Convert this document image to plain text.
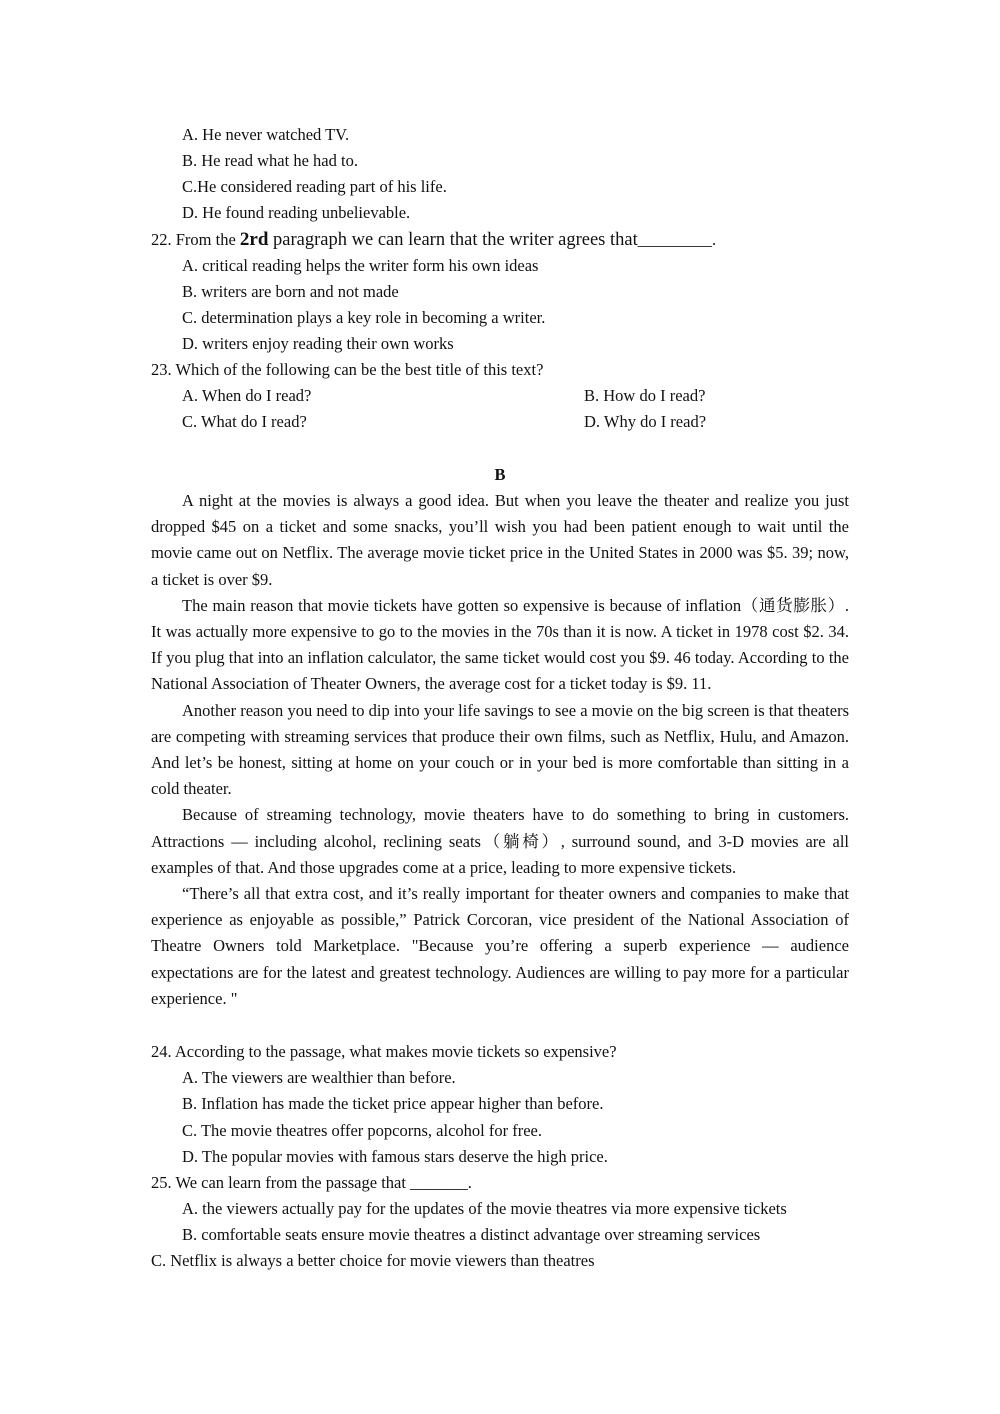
A. He never watched TV.
B. He read what he had to.
C.He considered reading part of his life.
D. He found reading unbelievable.
22. From the 2rd paragraph we can learn that the writer agrees that_________.
A. critical reading helps the writer form his own ideas
B. writers are born and not made
C. determination plays a key role in becoming a writer.
D. writers enjoy reading their own works
23. Which of the following can be the best title of this text?
A. When do I read?	B. How do I read?
C. What do I read?	D. Why do I read?
B

A night at the movies is always a good idea. But when you leave the theater and realize you just dropped $45 on a ticket and some snacks, you’ll wish you had been patient enough to wait until the movie came out on Netflix. The average movie ticket price in the United States in 2000 was $5. 39; now, a ticket is over $9.

The main reason that movie tickets have gotten so expensive is because of inflation（通货膨胀）. It was actually more expensive to go to the movies in the 70s than it is now. A ticket in 1978 cost $2. 34. If you plug that into an inflation calculator, the same ticket would cost you $9. 46 today. According to the National Association of Theater Owners, the average cost for a ticket today is $9. 11.

Another reason you need to dip into your life savings to see a movie on the big screen is that theaters are competing with streaming services that produce their own films, such as Netflix, Hulu, and Amazon. And let’s be honest, sitting at home on your couch or in your bed is more comfortable than sitting in a cold theater.

Because of streaming technology, movie theaters have to do something to bring in customers. Attractions — including alcohol, reclining seats（躺椅）, surround sound, and 3-D movies are all examples of that. And those upgrades come at a price, leading to more expensive tickets.

“There’s all that extra cost, and it’s really important for theater owners and companies to make that experience as enjoyable as possible,” Patrick Corcoran, vice president of the National Association of Theatre Owners told Marketplace. "Because you’re offering a superb experience — audience expectations are for the latest and greatest technology. Audiences are willing to pay more for a particular experience. "

24. According to the passage, what makes movie tickets so expensive?
A. The viewers are wealthier than before.
B. Inflation has made the ticket price appear higher than before.
C. The movie theatres offer popcorns, alcohol for free.
D. The popular movies with famous stars deserve the high price.
25. We can learn from the passage that _______.
A. the viewers actually pay for the updates of the movie theatres via more expensive tickets
B. comfortable seats ensure movie theatres a distinct advantage over streaming services
C. Netflix is always a better choice for movie viewers than theatres
